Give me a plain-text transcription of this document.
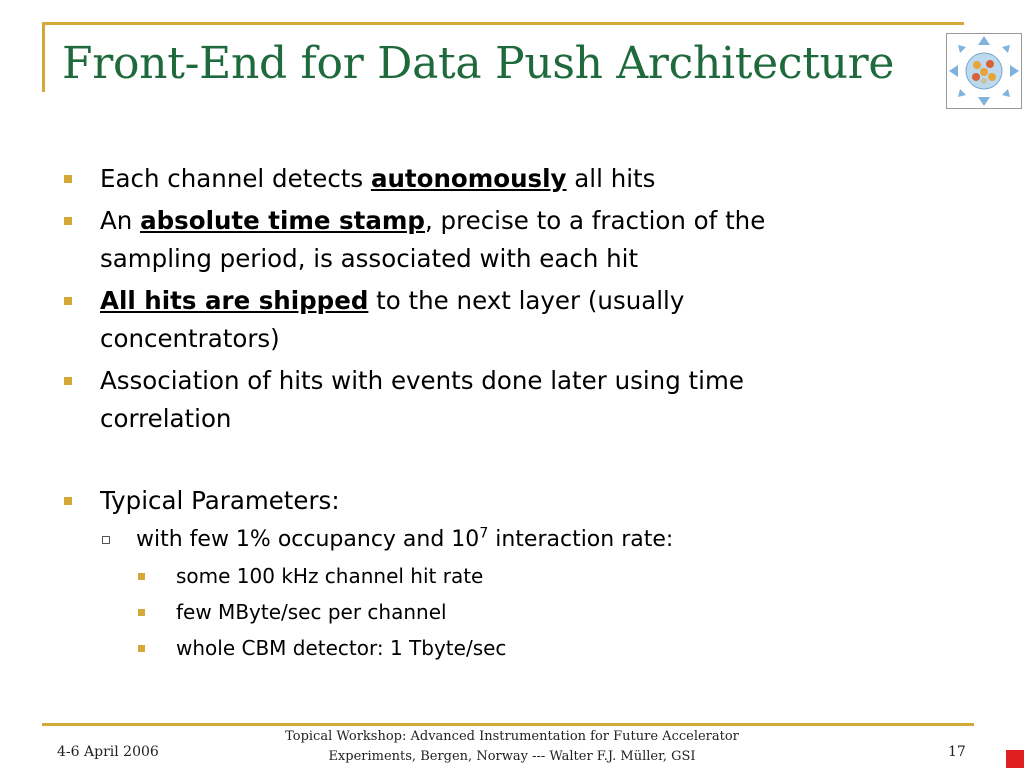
Front-End for Data Push Architecture
Each channel detects autonomously all hits
An absolute time stamp, precise to a fraction of the
sampling period, is associated with each hit
All hits are shipped to the next layer (usually
concentrators)
Association of hits with events done later using time
correlation
Typical Parameters:
with few 1% occupancy and $10^7$ interaction rate:
some 100 kHz channel hit rate
few MByte/sec per channel
whole CBM detector: 1 Tbyte/sec
4-6 April 2006
Topical Workshop: Advanced Instrumentation for Future Accelerator
Experiments, Bergen, Norway --- Walter F.J. Müller, GSI	17
